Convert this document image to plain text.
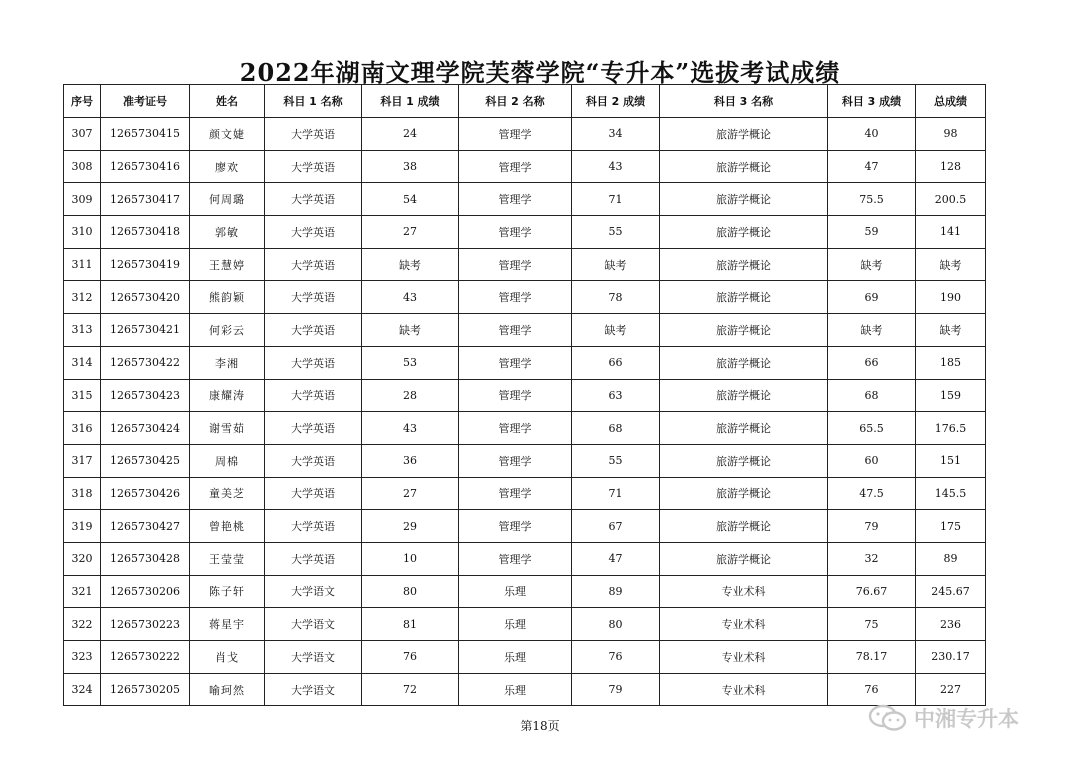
2022年湖南文理学院芙蓉学院“专升本”选拔考试成绩
序号	准考证号	姓名	科目 1 名称	科目 1 成绩	科目 2 名称	科目 2 成绩	科目 3 名称	科目 3 成绩	总成绩
307	1265730415	颜文婕	大学英语	24	管理学	34	旅游学概论	40	98
308	1265730416	廖欢	大学英语	38	管理学	43	旅游学概论	47	128
309	1265730417	何周璐	大学英语	54	管理学	71	旅游学概论	75.5	200.5
310	1265730418	郭敏	大学英语	27	管理学	55	旅游学概论	59	141
311	1265730419	王慧婷	大学英语	缺考	管理学	缺考	旅游学概论	缺考	缺考
312	1265730420	熊韵颖	大学英语	43	管理学	78	旅游学概论	69	190
313	1265730421	何彩云	大学英语	缺考	管理学	缺考	旅游学概论	缺考	缺考
314	1265730422	李湘	大学英语	53	管理学	66	旅游学概论	66	185
315	1265730423	康耀涛	大学英语	28	管理学	63	旅游学概论	68	159
316	1265730424	谢雪茹	大学英语	43	管理学	68	旅游学概论	65.5	176.5
317	1265730425	周棉	大学英语	36	管理学	55	旅游学概论	60	151
318	1265730426	童美芝	大学英语	27	管理学	71	旅游学概论	47.5	145.5
319	1265730427	曾艳桃	大学英语	29	管理学	67	旅游学概论	79	175
320	1265730428	王莹莹	大学英语	10	管理学	47	旅游学概论	32	89
321	1265730206	陈子轩	大学语文	80	乐理	89	专业术科	76.67	245.67
322	1265730223	蒋星宇	大学语文	81	乐理	80	专业术科	75	236
323	1265730222	肖戈	大学语文	76	乐理	76	专业术科	78.17	230.17
324	1265730205	喻珂然	大学语文	72	乐理	79	专业术科	76	227
第18页	中湘专升本
